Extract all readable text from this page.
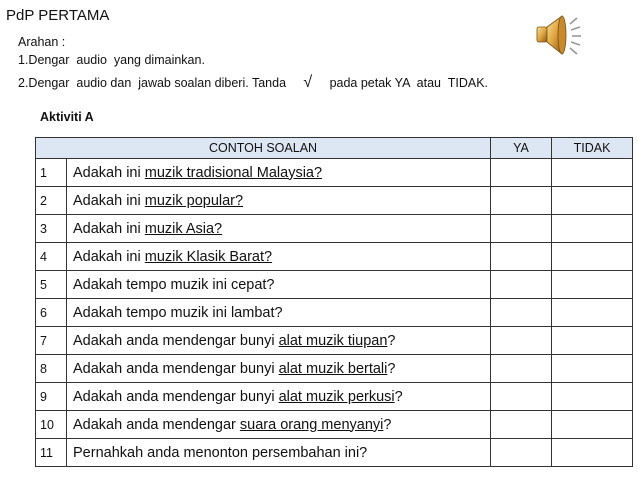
PdP PERTAMA
Arahan :
1.Dengar  audio  yang dimainkan.
2.Dengar  audio dan  jawab soalan diberi. Tanda √ pada petak YA  atau  TIDAK.
Aktiviti A
CONTOH SOALAN		YA	TIDAK
1	Adakah ini muzik tradisional Malaysia?		
2	Adakah ini muzik popular?		
3	Adakah ini muzik Asia?		
4	Adakah ini muzik Klasik Barat?		
5	Adakah tempo muzik ini cepat?		
6	Adakah tempo muzik ini lambat?		
7	Adakah anda mendengar bunyi alat muzik tiupan?		
8	Adakah anda mendengar bunyi alat muzik bertali?		
9	Adakah anda mendengar bunyi alat muzik perkusi?		
10	Adakah anda mendengar suara orang menyanyi?		
11	Pernahkah anda menonton persembahan ini?		
